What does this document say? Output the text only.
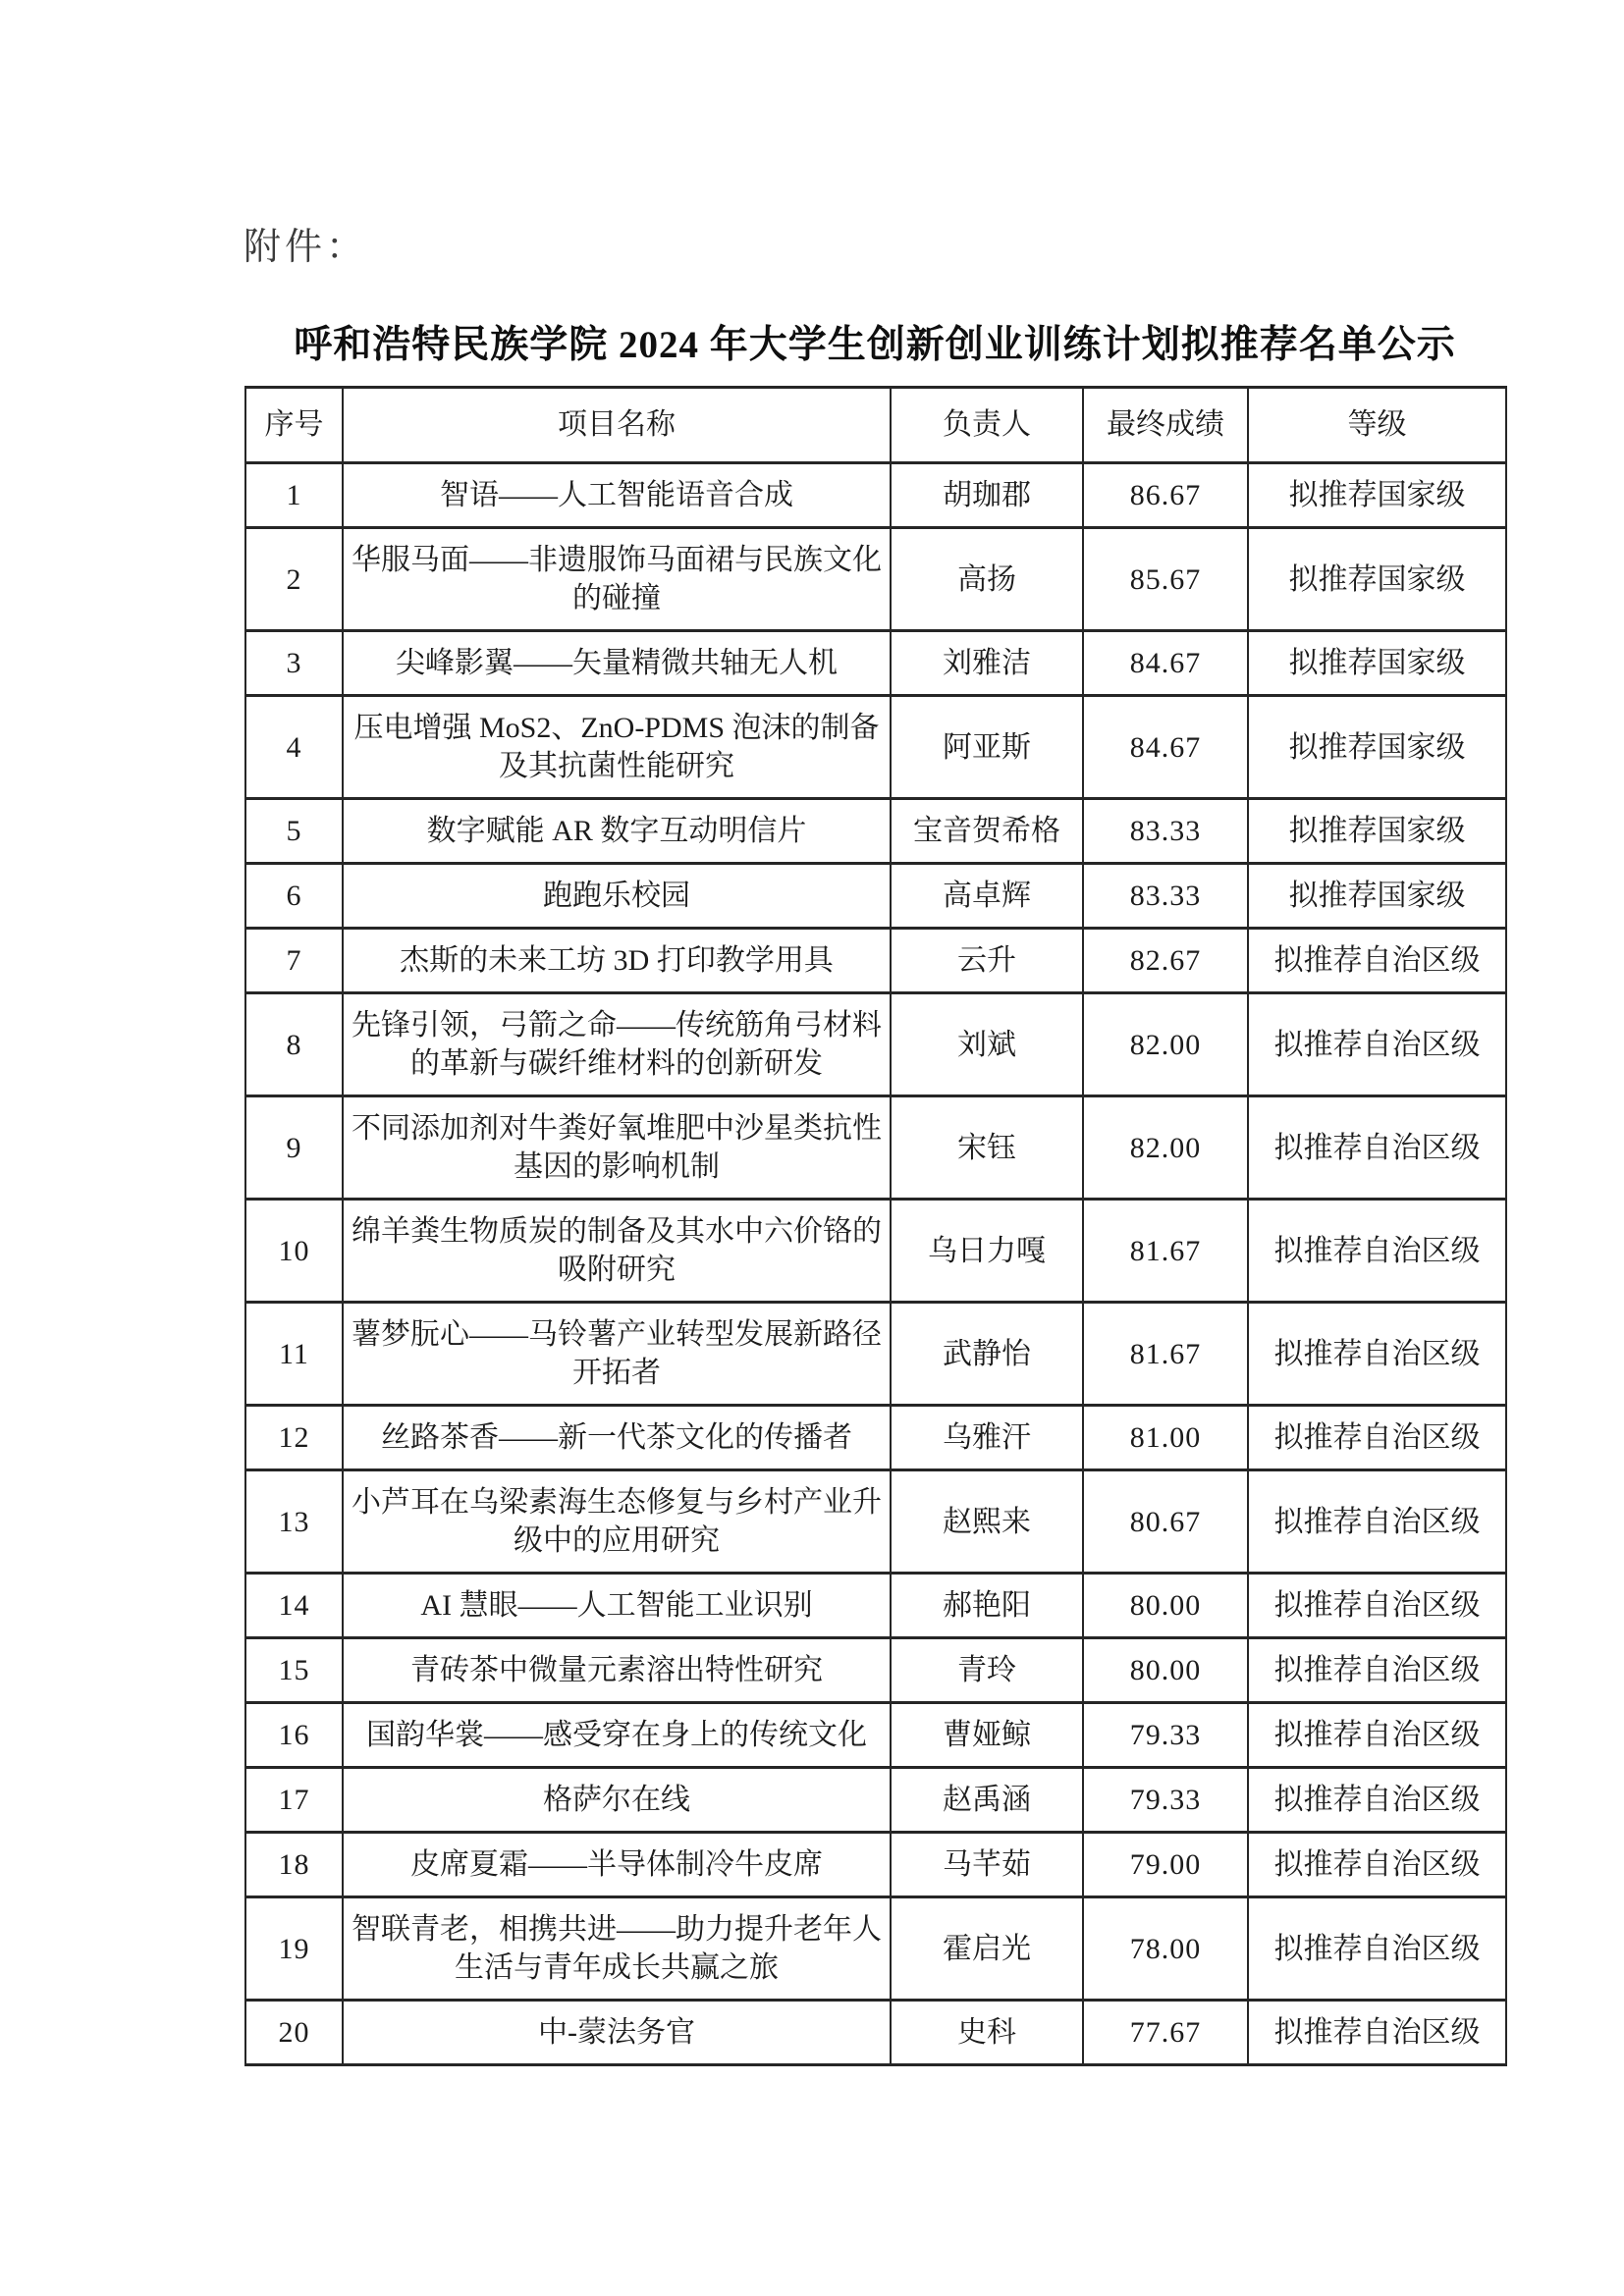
附件：
呼和浩特民族学院 2024 年大学生创新创业训练计划拟推荐名单公示
序号	项目名称	负责人	最终成绩	等级
1	智语——人工智能语音合成	胡珈郡	86.67	拟推荐国家级
2	华服马面——非遗服饰马面裙与民族文化的碰撞	高扬	85.67	拟推荐国家级
3	尖峰影翼——矢量精微共轴无人机	刘雅洁	84.67	拟推荐国家级
4	压电增强 MoS2、ZnO-PDMS 泡沫的制备及其抗菌性能研究	阿亚斯	84.67	拟推荐国家级
5	数字赋能 AR 数字互动明信片	宝音贺希格	83.33	拟推荐国家级
6	跑跑乐校园	高卓辉	83.33	拟推荐国家级
7	杰斯的未来工坊 3D 打印教学用具	云升	82.67	拟推荐自治区级
8	先锋引领，弓箭之命——传统筋角弓材料的革新与碳纤维材料的创新研发	刘斌	82.00	拟推荐自治区级
9	不同添加剂对牛粪好氧堆肥中沙星类抗性基因的影响机制	宋钰	82.00	拟推荐自治区级
10	绵羊粪生物质炭的制备及其水中六价铬的吸附研究	乌日力嘎	81.67	拟推荐自治区级
11	薯梦朊心——马铃薯产业转型发展新路径开拓者	武静怡	81.67	拟推荐自治区级
12	丝路茶香——新一代茶文化的传播者	乌雅汗	81.00	拟推荐自治区级
13	小芦耳在乌梁素海生态修复与乡村产业升级中的应用研究	赵熙来	80.67	拟推荐自治区级
14	AI 慧眼——人工智能工业识别	郝艳阳	80.00	拟推荐自治区级
15	青砖茶中微量元素溶出特性研究	青玲	80.00	拟推荐自治区级
16	国韵华裳——感受穿在身上的传统文化	曹娅鲸	79.33	拟推荐自治区级
17	格萨尔在线	赵禹涵	79.33	拟推荐自治区级
18	皮席夏霜——半导体制冷牛皮席	马芊茹	79.00	拟推荐自治区级
19	智联青老，相携共进——助力提升老年人生活与青年成长共赢之旅	霍启光	78.00	拟推荐自治区级
20	中-蒙法务官	史科	77.67	拟推荐自治区级
